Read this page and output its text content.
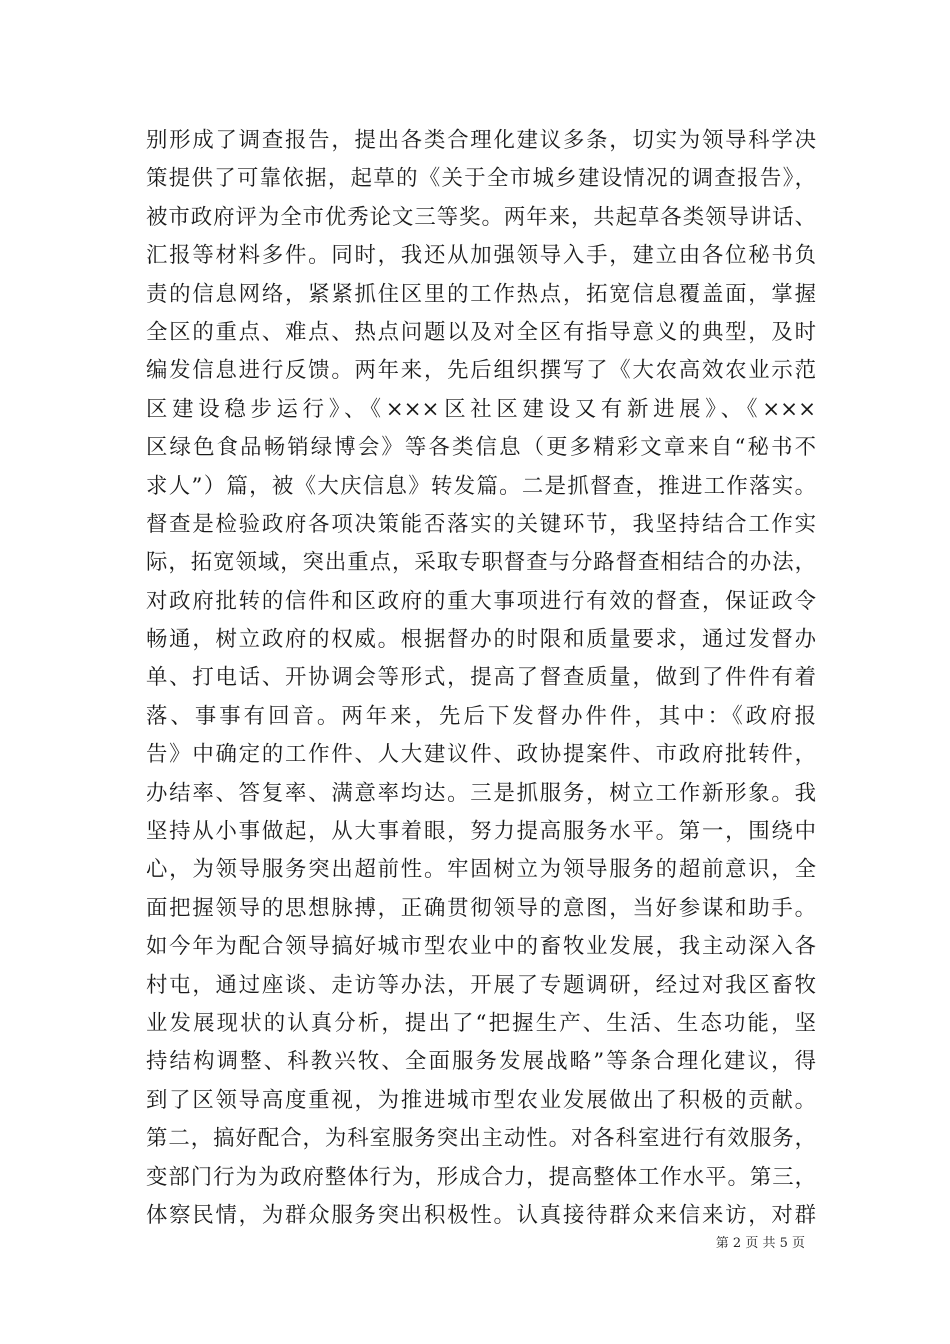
别形成了调查报告，提出各类合理化建议多条，切实为领导科学决
策提供了可靠依据，起草的《关于全市城乡建设情况的调查报告》，
被市政府评为全市优秀论文三等奖。两年来，共起草各类领导讲话、
汇报等材料多件。同时，我还从加强领导入手，建立由各位秘书负
责的信息网络，紧紧抓住区里的工作热点，拓宽信息覆盖面，掌握
全区的重点、难点、热点问题以及对全区有指导意义的典型，及时
编发信息进行反馈。两年来，先后组织撰写了《大农高效农业示范
区建设稳步运行》、《×××区社区建设又有新进展》、《×××
区绿色食品畅销绿博会》等各类信息（更多精彩文章来自“秘书不
求人”）篇，被《大庆信息》转发篇。二是抓督查，推进工作落实。
督查是检验政府各项决策能否落实的关键环节，我坚持结合工作实
际，拓宽领域，突出重点，采取专职督查与分路督查相结合的办法，
对政府批转的信件和区政府的重大事项进行有效的督查，保证政令
畅通，树立政府的权威。根据督办的时限和质量要求，通过发督办
单、打电话、开协调会等形式，提高了督查质量，做到了件件有着
落、事事有回音。两年来，先后下发督办件件，其中：《政府报
告》中确定的工作件、人大建议件、政协提案件、市政府批转件，
办结率、答复率、满意率均达。三是抓服务，树立工作新形象。我
坚持从小事做起，从大事着眼，努力提高服务水平。第一，围绕中
心，为领导服务突出超前性。牢固树立为领导服务的超前意识，全
面把握领导的思想脉搏，正确贯彻领导的意图，当好参谋和助手。
如今年为配合领导搞好城市型农业中的畜牧业发展，我主动深入各
村屯，通过座谈、走访等办法，开展了专题调研，经过对我区畜牧
业发展现状的认真分析，提出了“把握生产、生活、生态功能，坚
持结构调整、科教兴牧、全面服务发展战略”等条合理化建议，得
到了区领导高度重视，为推进城市型农业发展做出了积极的贡献。
第二，搞好配合，为科室服务突出主动性。对各科室进行有效服务，
变部门行为为政府整体行为，形成合力，提高整体工作水平。第三，
体察民情，为群众服务突出积极性。认真接待群众来信来访，对群
第 2 页 共 5 页
